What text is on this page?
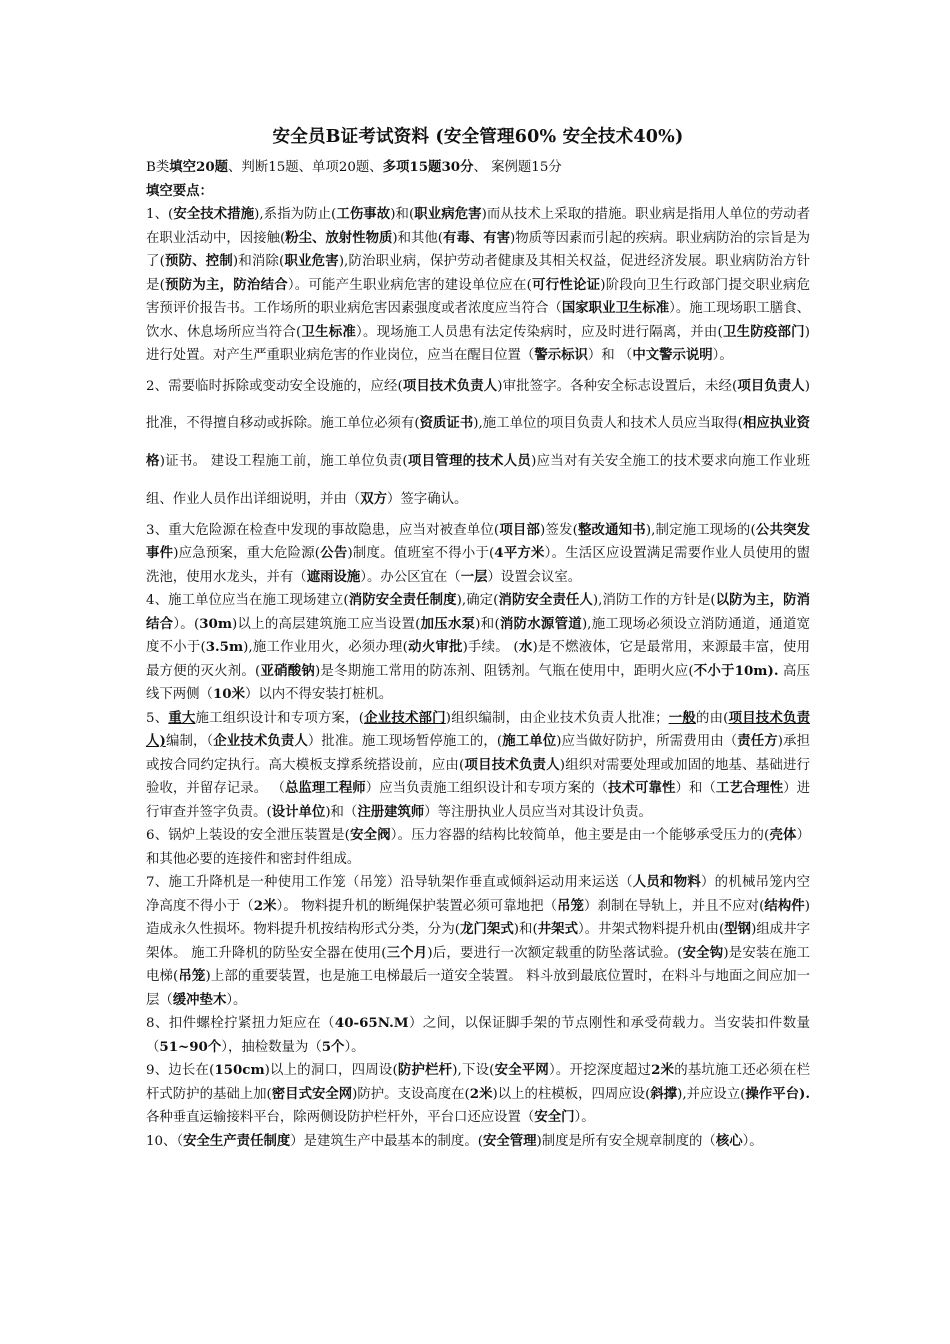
安全员B证考试资料 (安全管理60% 安全技术40%)
B类填空20题、判断15题、单项20题、多项15题30分、 案例题15分
填空要点：

1、(安全技术措施),系指为防止(工伤事故)和(职业病危害)而从技术上采取的措施。职业病是指用人单位的劳动者在职业活动中，因接触(粉尘、放射性物质)和其他(有毒、有害)物质等因素而引起的疾病。职业病防治的宗旨是为了(预防、控制)和消除(职业危害),防治职业病，保护劳动者健康及其相关权益，促进经济发展。职业病防治方针是(预防为主，防治结合）。可能产生职业病危害的建设单位应在(可行性论证)阶段向卫生行政部门提交职业病危害预评价报告书。工作场所的职业病危害因素强度或者浓度应当符合（国家职业卫生标准）。施工现场职工膳食、饮水、休息场所应当符合(卫生标准）。现场施工人员患有法定传染病时，应及时进行隔离，并由(卫生防疫部门)进行处置。对产生严重职业病危害的作业岗位，应当在醒目位置（警示标识）和 （中文警示说明）。

2、需要临时拆除或变动安全设施的，应经(项目技术负责人)审批签字。各种安全标志设置后，未经(项目负责人)批准，不得擅自移动或拆除。施工单位必须有(资质证书),施工单位的项目负责人和技术人员应当取得(相应执业资格)证书。 建设工程施工前，施工单位负责(项目管理的技术人员)应当对有关安全施工的技术要求向施工作业班组、作业人员作出详细说明，并由（双方）签字确认。

3、重大危险源在检查中发现的事故隐患，应当对被查单位(项目部)签发(整改通知书),制定施工现场的(公共突发事件)应急预案，重大危险源(公告)制度。值班室不得小于(4平方米）。生活区应设置满足需要作业人员使用的盥洗池，使用水龙头，并有（遮雨设施）。办公区宜在（一层）设置会议室。

4、施工单位应当在施工现场建立(消防安全责任制度),确定(消防安全责任人),消防工作的方针是(以防为主，防消结合）。(30m)以上的高层建筑施工应当设置(加压水泵)和(消防水源管道),施工现场必须设立消防通道，通道宽度不小于(3.5m),施工作业用火，必须办理(动火审批)手续。 (水)是不燃液体，它是最常用，来源最丰富，使用最方便的灭火剂。(亚硝酸钠)是冬期施工常用的防冻剂、阻锈剂。气瓶在使用中，距明火应(不小于10m). 高压线下两侧（10米）以内不得安装打桩机。

5、重大施工组织设计和专项方案，(企业技术部门)组织编制，由企业技术负责人批准；一般的由(项目技术负责人)编制，（企业技术负责人）批准。施工现场暂停施工的，(施工单位)应当做好防护，所需费用由（责任方)承担或按合同约定执行。高大模板支撑系统搭设前，应由(项目技术负责人)组织对需要处理或加固的地基、基础进行验收，并留存记录。 （总监理工程师）应当负责施工组织设计和专项方案的（技术可靠性）和（工艺合理性）进行审查并签字负责。(设计单位)和（注册建筑师）等注册执业人员应当对其设计负责。

6、锅炉上装设的安全泄压装置是(安全阀）。压力容器的结构比较简单，他主要是由一个能够承受压力的(壳体）和其他必要的连接件和密封件组成。

7、施工升降机是一种使用工作笼（吊笼）沿导轨架作垂直或倾斜运动用来运送（人员和物料）的机械吊笼内空净高度不得小于（2米）。 物料提升机的断绳保护装置必须可靠地把（吊笼）刹制在导轨上，并且不应对(结构件)造成永久性损坏。物料提升机按结构形式分类，分为(龙门架式)和(井架式）。井架式物料提升机由(型钢)组成井字架体。 施工升降机的防坠安全器在使用(三个月)后，要进行一次额定载重的防坠落试验。(安全钩)是安装在施工电梯(吊笼)上部的重要装置，也是施工电梯最后一道安全装置。 料斗放到最底位置时，在料斗与地面之间应加一层（缓冲垫木）。

8、扣件螺栓拧紧扭力矩应在（40-65N.M）之间，以保证脚手架的节点刚性和承受荷载力。当安装扣件数量（51~90个），抽检数量为（5个）。

9、边长在(150cm)以上的洞口，四周设(防护栏杆),下设(安全平网）。开挖深度超过2米的基坑施工还必须在栏杆式防护的基础上加(密目式安全网)防护。支设高度在(2米)以上的柱模板，四周应设(斜撑),并应设立(操作平台). 各种垂直运输接料平台，除两侧设防护栏杆外，平台口还应设置（安全门）。

10、（安全生产责任制度）是建筑生产中最基本的制度。(安全管理)制度是所有安全规章制度的（核心）。
